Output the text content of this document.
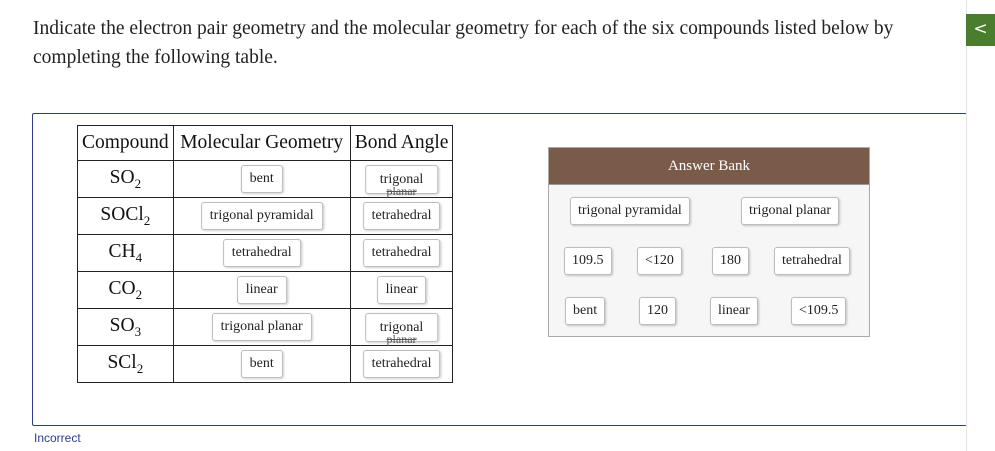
Indicate the electron pair geometry and the molecular geometry for each of the six compounds listed below by completing the following table.
Compound	Molecular Geometry	Bond Angle
$SO_2$	bent	trigonal
planar

SOCl$_2$	trigonal pyramidal	tetrahedral

$CH_4$	tetrahedral	tetrahedral

$CO_2$	linear	linear

$SO_3$	trigonal planar	trigonal
planar

SCl$_2$	bent	tetrahedral
Answer Bank
trigonal pyramidal	trigonal planar
109.5	<120	180	tetrahedral
bent	120	linear	<109.5
Incorrect
<
